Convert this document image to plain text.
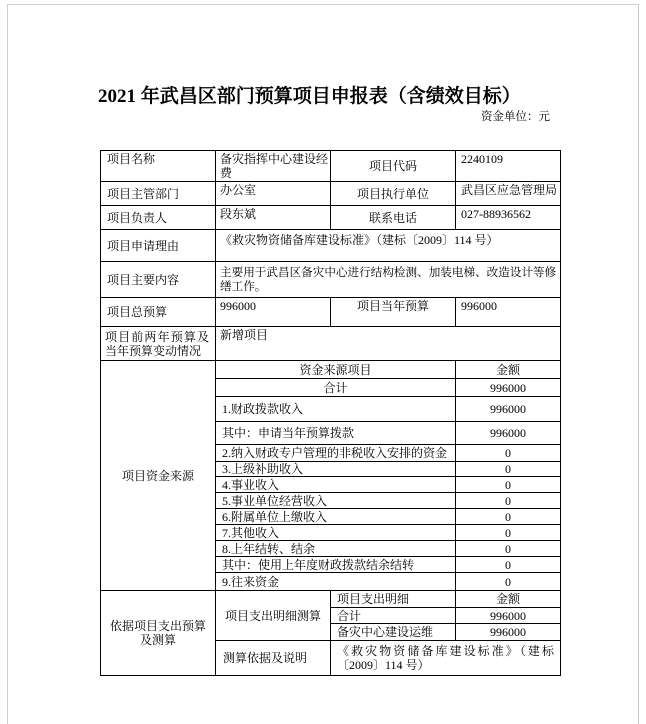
2021 年武昌区部门预算项目申报表（含绩效目标）
资金单位：元
项目名称	备灾指挥中心建设经费	项目代码	2240109
项目主管部门	办公室	项目执行单位	武昌区应急管理局
项目负责人	段东斌	联系电话	027-88936562
项目申请理由	《救灾物资储备库建设标准》（建标〔2009〕114 号）		
项目主要内容	主要用于武昌区备灾中心进行结构检测、加装电梯、改造设计等修缮工作。		
项目总预算	996000	项目当年预算	996000
项目前两年预算及当年预算变动情况	新增项目		
项目资金来源	资金来源项目		金额
	合计		996000
	1.财政拨款收入		996000
	其中：申请当年预算拨款		996000
	2.纳入财政专户管理的非税收入安排的资金		0
	3.上级补助收入		0
	4.事业收入		0
	5.事业单位经营收入		0
	6.附属单位上缴收入		0
	7.其他收入		0
	8.上年结转、结余		0
	其中：使用上年度财政拨款结余结转		0
	9.往来资金		0
依据项目支出预算及测算	项目支出明细测算	项目支出明细	金额
		合计	996000
		备灾中心建设运维	996000
	测算依据及说明	《救灾物资储备库建设标准》（建标〔2009〕114 号）	
